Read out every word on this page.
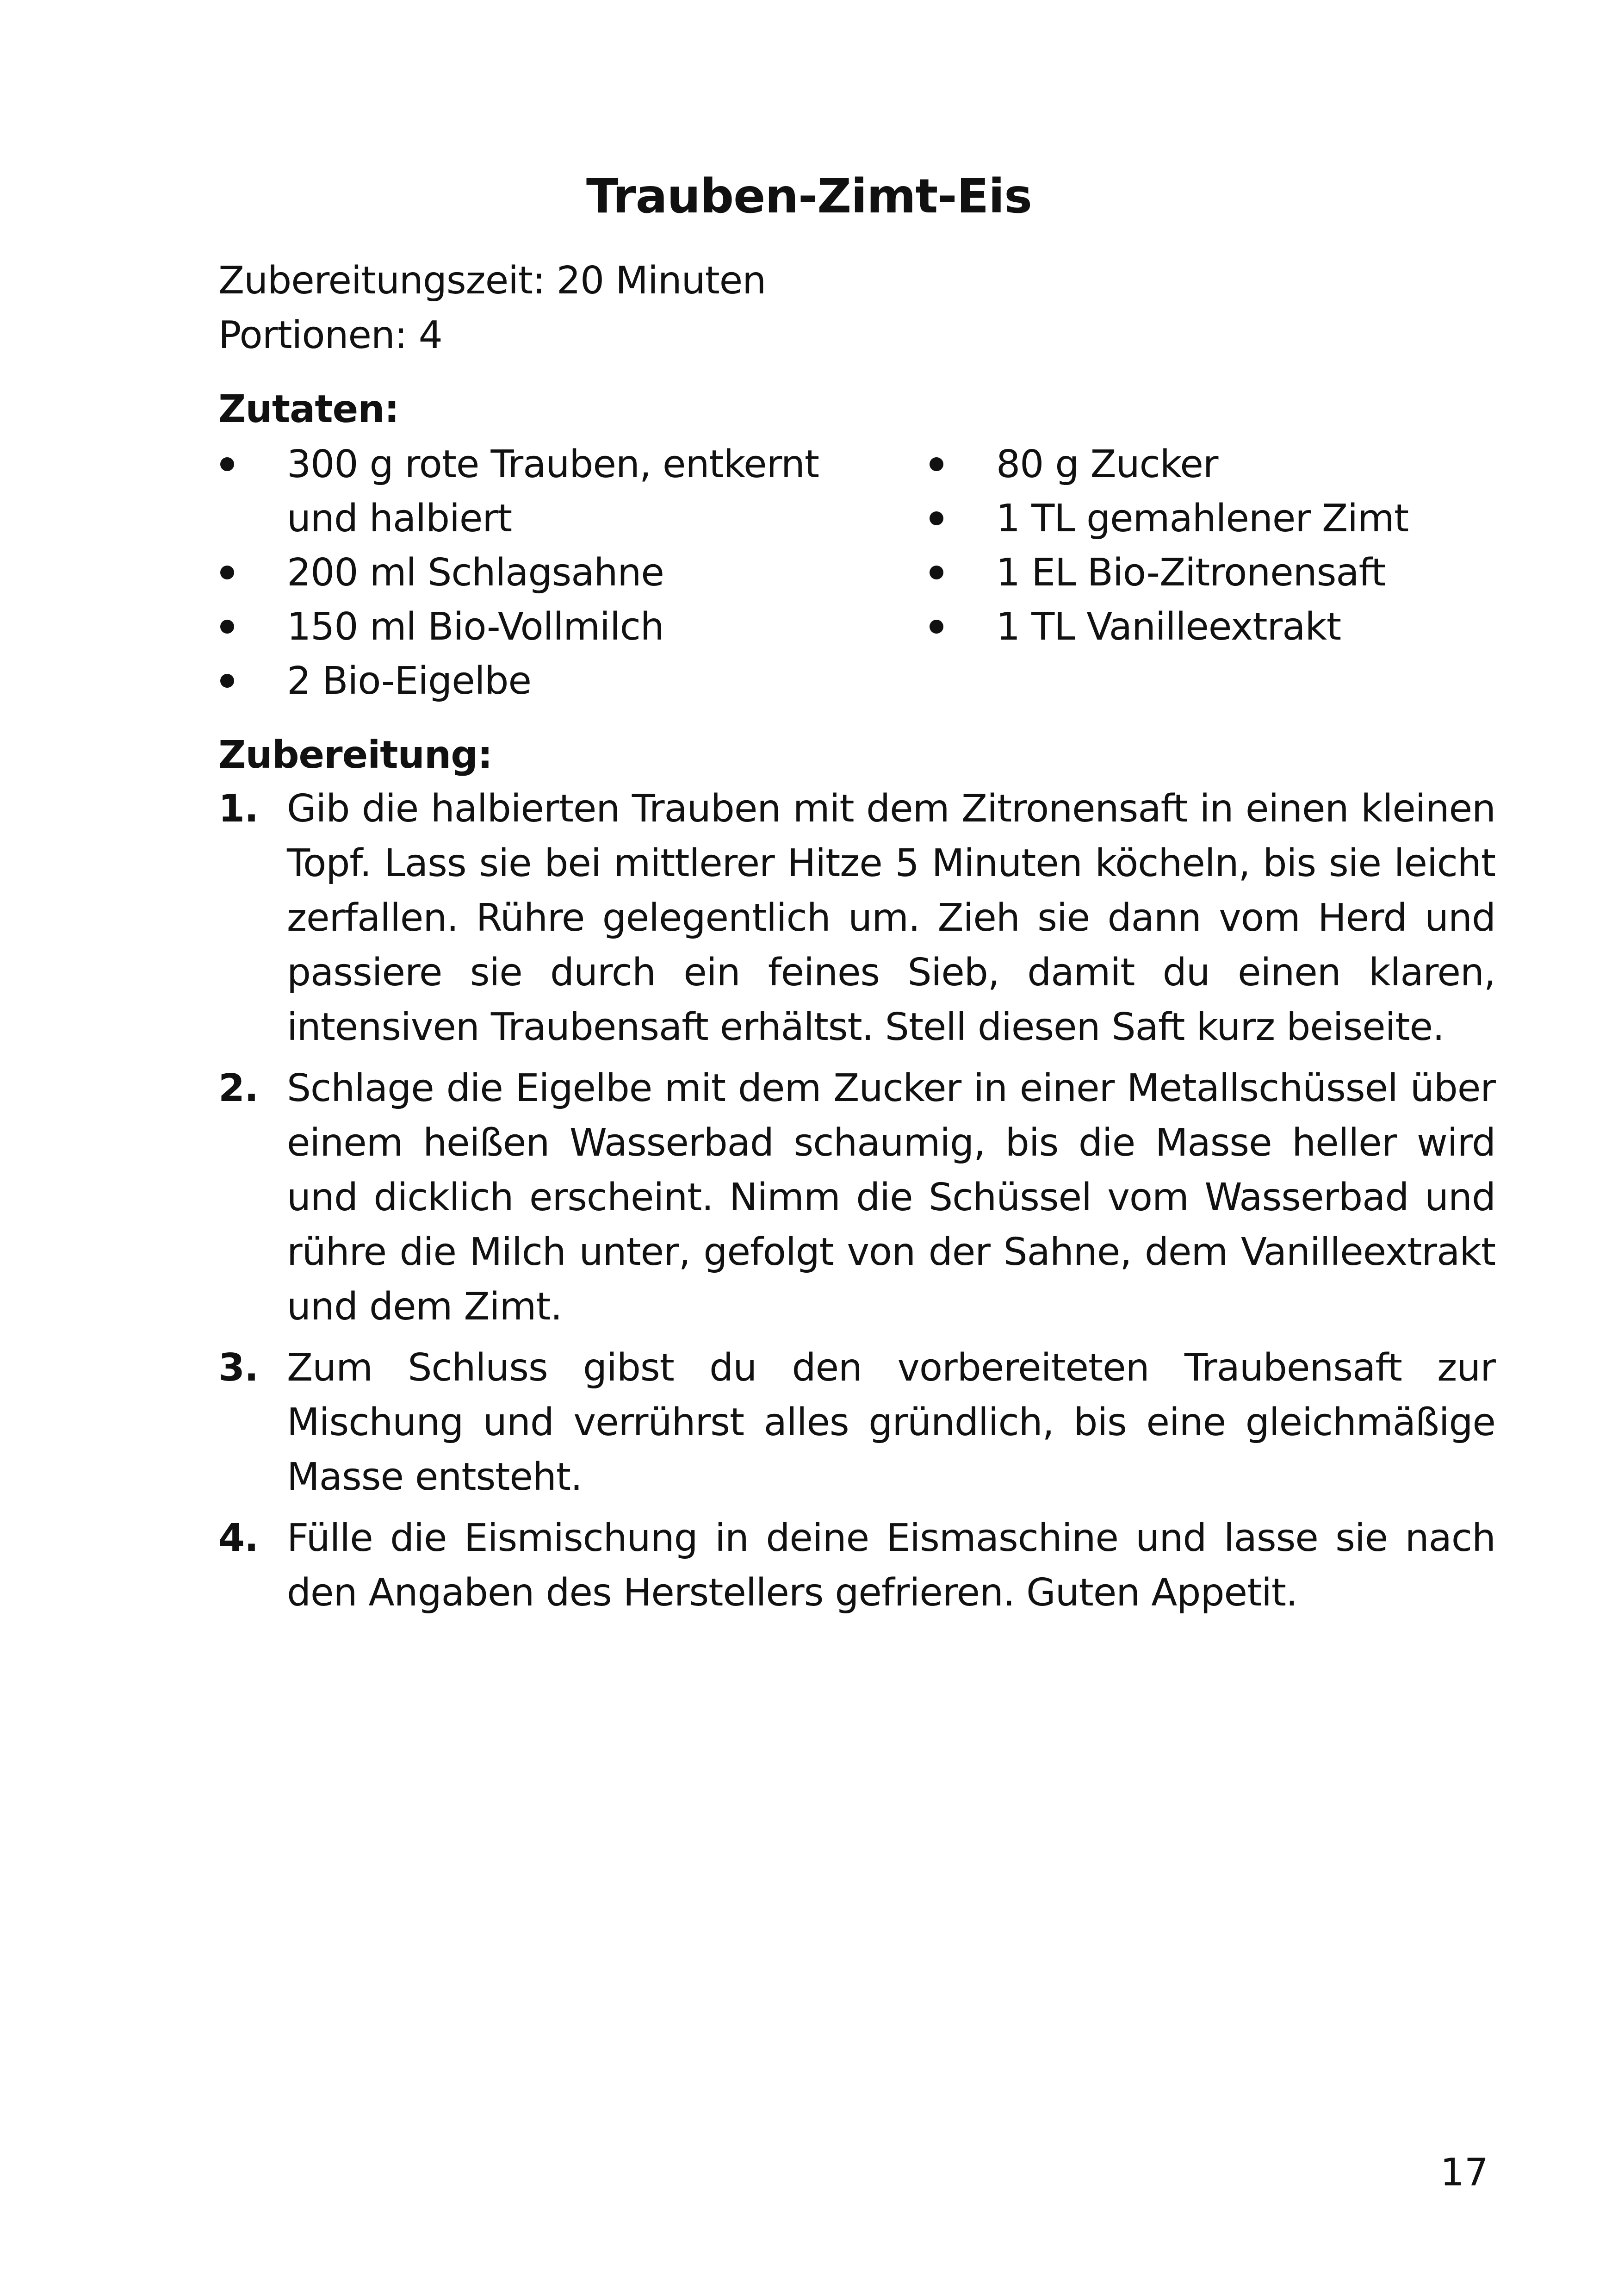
Trauben-Zimt-Eis
Zubereitungszeit: 20 Minuten
Portionen: 4
Zutaten:
300 g rote Trauben, entkernt und halbiert
200 ml Schlagsahne
150 ml Bio-Vollmilch
2 Bio-Eigelbe
80 g Zucker
1 TL gemahlener Zimt
1 EL Bio-Zitronensaft
1 TL Vanilleextrakt
Zubereitung:
1. Gib die halbierten Trauben mit dem Zitronensaft in einen kleinen Topf. Lass sie bei mittlerer Hitze 5 Minuten köcheln, bis sie leicht zerfallen. Rühre gelegentlich um. Zieh sie dann vom Herd und passiere sie durch ein feines Sieb, damit du einen klaren, intensiven Traubensaft erhältst. Stell diesen Saft kurz beiseite.
2. Schlage die Eigelbe mit dem Zucker in einer Metallschüssel über einem heißen Wasserbad schaumig, bis die Masse heller wird und dicklich erscheint. Nimm die Schüssel vom Wasserbad und rühre die Milch unter, gefolgt von der Sahne, dem Vanilleextrakt und dem Zimt.
3. Zum Schluss gibst du den vorbereiteten Traubensaft zur Mischung und verrührst alles gründlich, bis eine gleichmäßige Masse entsteht.
4. Fülle die Eismischung in deine Eismaschine und lasse sie nach den Angaben des Herstellers gefrieren. Guten Appetit.
17
